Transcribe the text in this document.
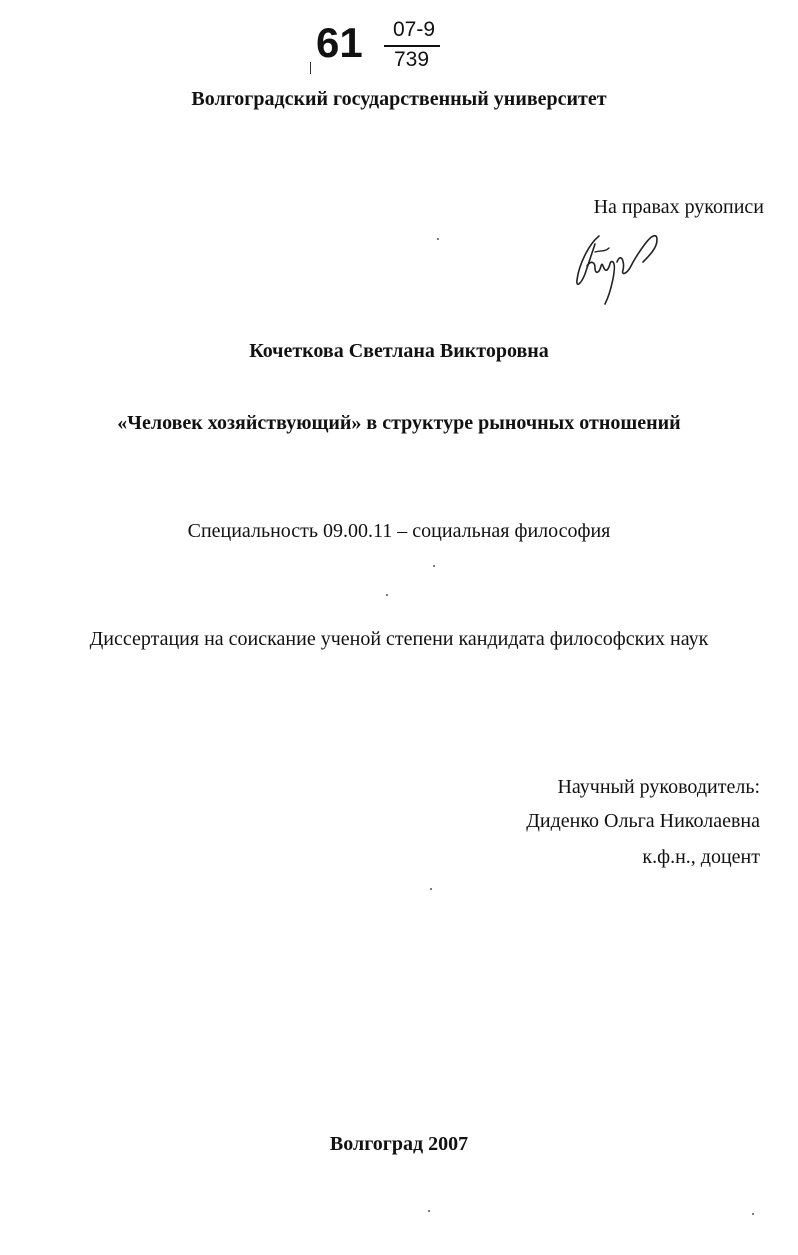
61 07-9
739
Волгоградский государственный университет
На правах рукописи
Кочеткова Светлана Викторовна
«Человек хозяйствующий» в структуре рыночных отношений
Специальность 09.00.11 – социальная философия
Диссертация на соискание ученой степени кандидата философских наук
Научный руководитель:
Диденко Ольга Николаевна
к.ф.н., доцент
Волгоград 2007
